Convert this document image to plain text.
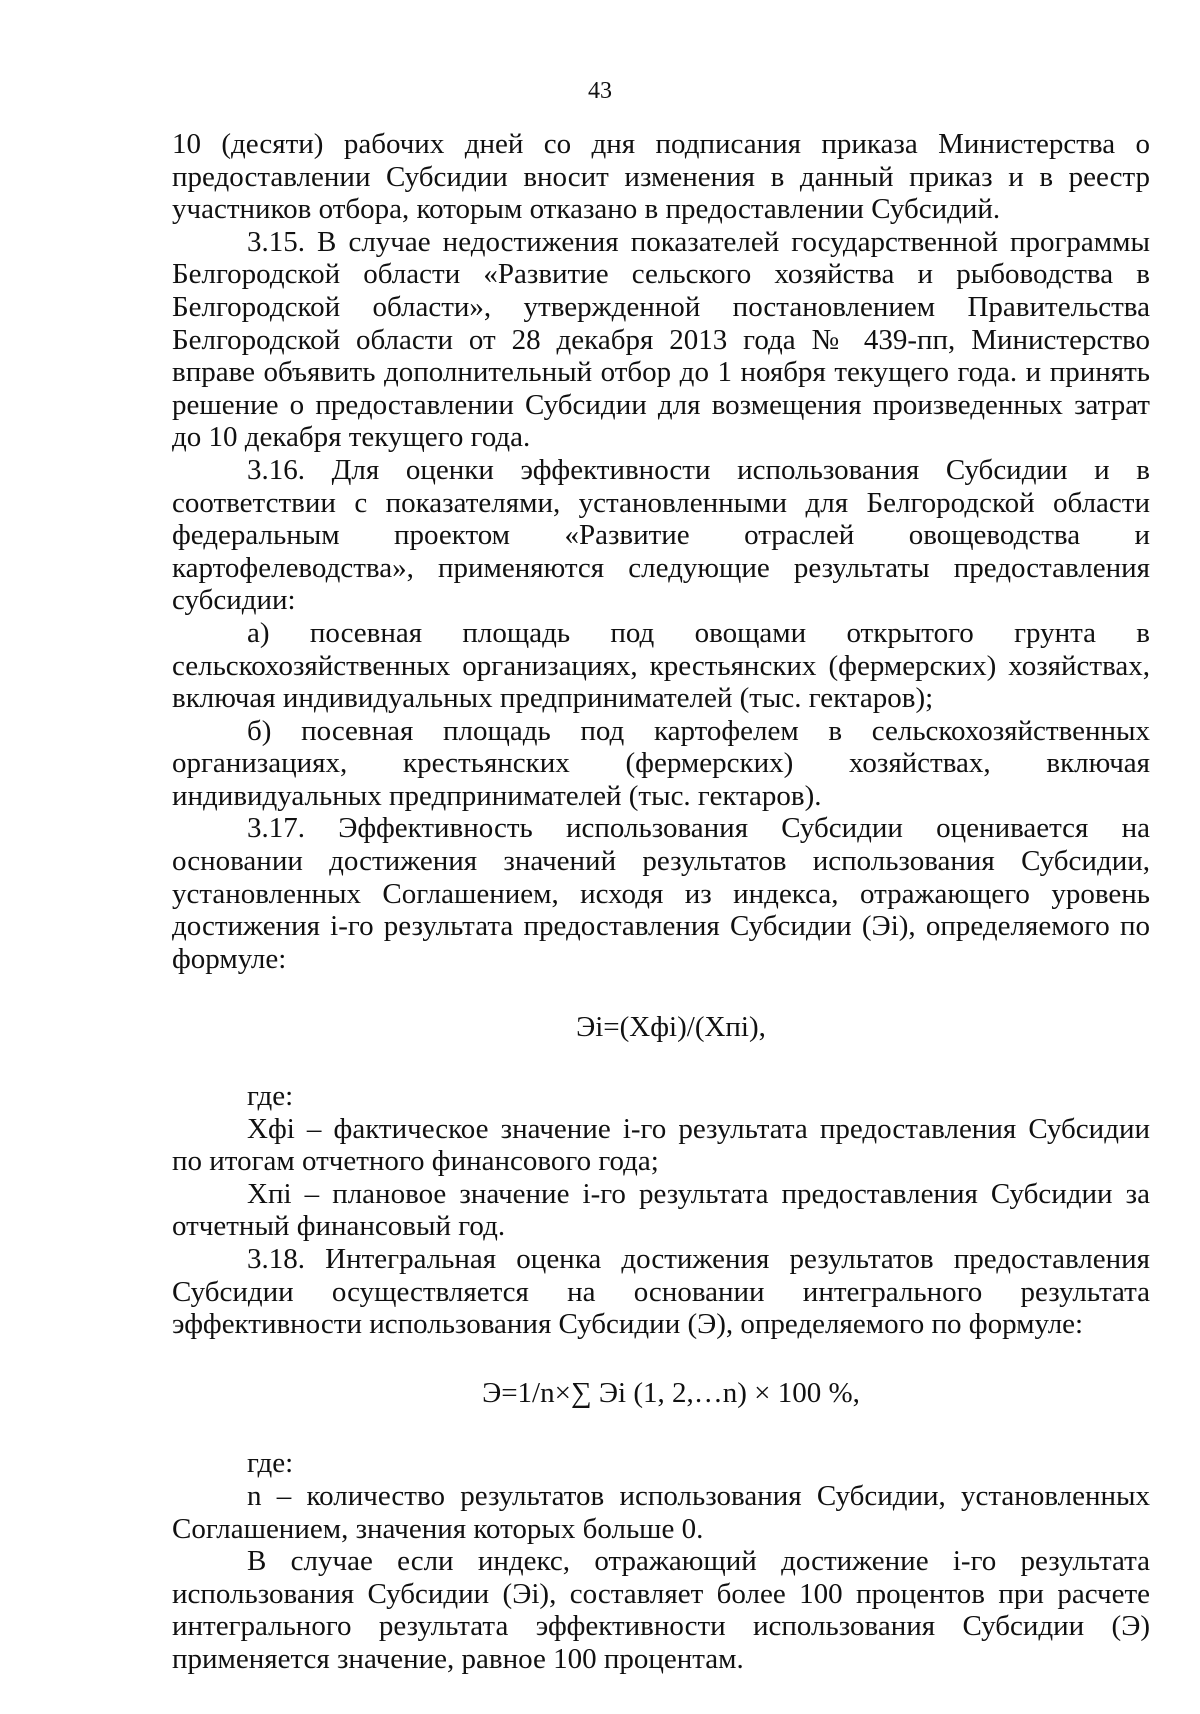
43

10 (десяти) рабочих дней со дня подписания приказа Министерства о предоставлении Субсидии вносит изменения в данный приказ и в реестр участников отбора, которым отказано в предоставлении Субсидий.

3.15. В случае недостижения показателей государственной программы Белгородской области «Развитие сельского хозяйства и рыбоводства в Белгородской области», утвержденной постановлением Правительства Белгородской области от 28 декабря 2013 года № 439-пп, Министерство вправе объявить дополнительный отбор до 1 ноября текущего года. и принять решение о предоставлении Субсидии для возмещения произведенных затрат до 10 декабря текущего года.

3.16. Для оценки эффективности использования Субсидии и в соответствии с показателями, установленными для Белгородской области федеральным проектом «Развитие отраслей овощеводства и картофелеводства», применяются следующие результаты предоставления субсидии:

а) посевная площадь под овощами открытого грунта в сельскохозяйственных организациях, крестьянских (фермерских) хозяйствах, включая индивидуальных предпринимателей (тыс. гектаров);

б) посевная площадь под картофелем в сельскохозяйственных организациях, крестьянских (фермерских) хозяйствах, включая индивидуальных предпринимателей (тыс. гектаров).

3.17. Эффективность использования Субсидии оценивается на основании достижения значений результатов использования Субсидии, установленных Соглашением, исходя из индекса, отражающего уровень достижения i-го результата предоставления Субсидии (Эi), определяемого по формуле:

Эi=(Xфi)/(Xпi),

где:

Xфi – фактическое значение i-го результата предоставления Субсидии по итогам отчетного финансового года;

Xпi – плановое значение i-го результата предоставления Субсидии за отчетный финансовый год.

3.18. Интегральная оценка достижения результатов предоставления Субсидии осуществляется на основании интегрального результата эффективности использования Субсидии (Э), определяемого по формуле:

Э=1/n×∑ Эi (1, 2,…n) × 100 %,

где:

n – количество результатов использования Субсидии, установленных Соглашением, значения которых больше 0.

В случае если индекс, отражающий достижение i-го результата использования Субсидии (Эi), составляет более 100 процентов при расчете интегрального результата эффективности использования Субсидии (Э) применяется значение, равное 100 процентам.
